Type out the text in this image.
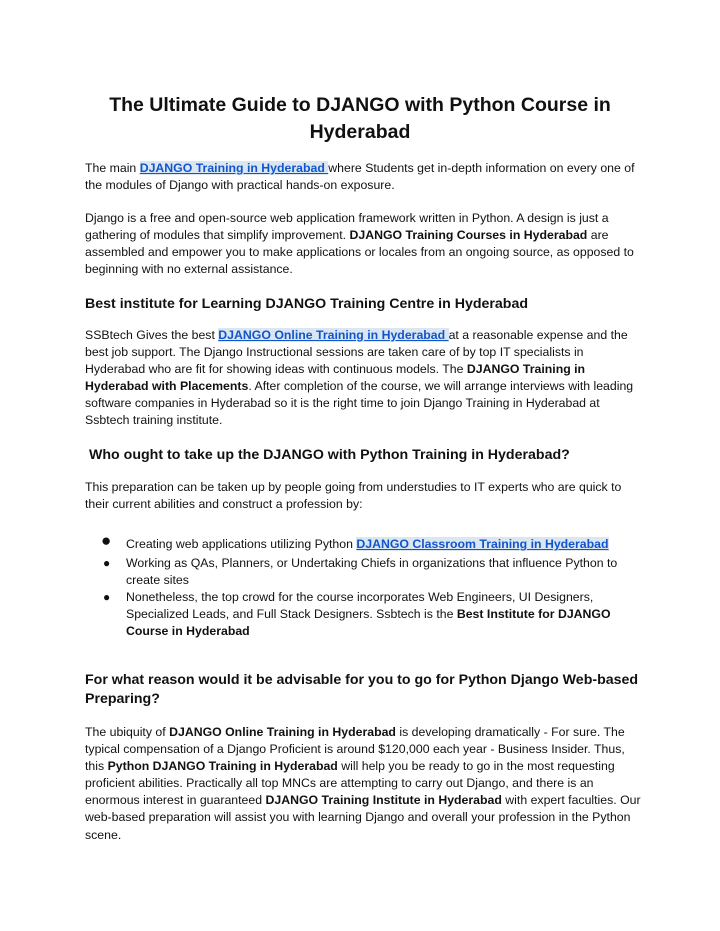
The Ultimate Guide to DJANGO with Python Course in Hyderabad

The main DJANGO Training in Hyderabad where Students get in-depth information on every one of the modules of Django with practical hands-on exposure.

Django is a free and open-source web application framework written in Python. A design is just a gathering of modules that simplify improvement. DJANGO Training Courses in Hyderabad are assembled and empower you to make applications or locales from an ongoing source, as opposed to beginning with no external assistance.

Best institute for Learning DJANGO Training Centre in Hyderabad

SSBtech Gives the best DJANGO Online Training in Hyderabad at a reasonable expense and the best job support. The Django Instructional sessions are taken care of by top IT specialists in Hyderabad who are fit for showing ideas with continuous models. The DJANGO Training in Hyderabad with Placements. After completion of the course, we will arrange interviews with leading software companies in Hyderabad so it is the right time to join Django Training in Hyderabad at Ssbtech training institute.

Who ought to take up the DJANGO with Python Training in Hyderabad?

This preparation can be taken up by people going from understudies to IT experts who are quick to their current abilities and construct a profession by:

● Creating web applications utilizing Python DJANGO Classroom Training in Hyderabad
● Working as QAs, Planners, or Undertaking Chiefs in organizations that influence Python to create sites
● Nonetheless, the top crowd for the course incorporates Web Engineers, UI Designers, Specialized Leads, and Full Stack Designers. Ssbtech is the Best Institute for DJANGO Course in Hyderabad
For what reason would it be advisable for you to go for Python Django Web-based Preparing?

The ubiquity of DJANGO Online Training in Hyderabad is developing dramatically - For sure. The typical compensation of a Django Proficient is around $120,000 each year - Business Insider. Thus, this Python DJANGO Training in Hyderabad will help you be ready to go in the most requesting proficient abilities. Practically all top MNCs are attempting to carry out Django, and there is an enormous interest in guaranteed DJANGO Training Institute in Hyderabad with expert faculties. Our web-based preparation will assist you with learning Django and overall your profession in the Python scene.
